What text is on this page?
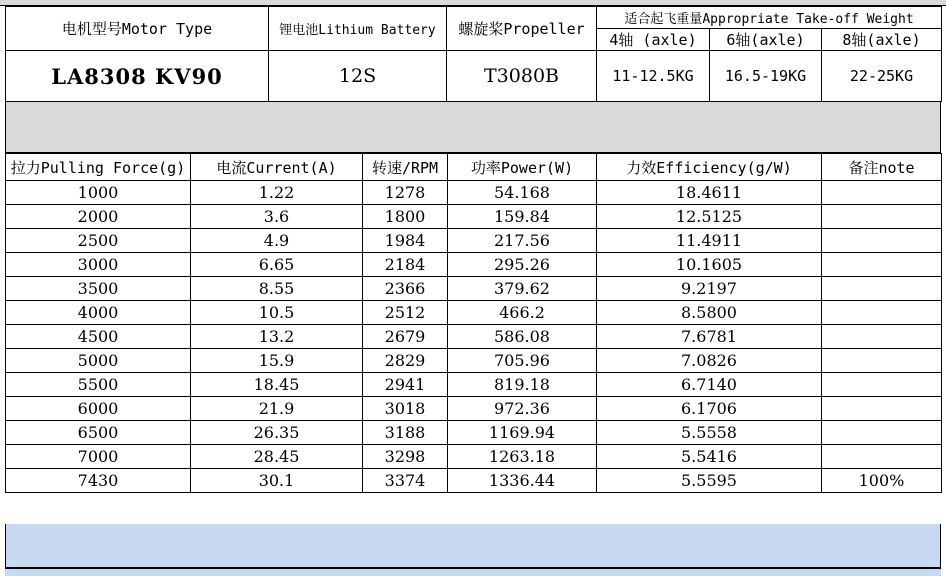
电机型号Motor Type	锂电池Lithium Battery	螺旋桨Propeller	适合起飞重量Appropriate Take-off Weight		
			4轴 (axle)	6轴(axle)	8轴(axle)
LA8308 KV90	12S	T3080B	11-12.5KG	16.5-19KG	22-25KG
拉力Pulling Force(g)	电流Current(A)	转速/RPM	功率Power(W)	力效Efficiency(g/W)	备注note
1000	1.22	1278	54.168	18.4611	
2000	3.6	1800	159.84	12.5125	
2500	4.9	1984	217.56	11.4911	
3000	6.65	2184	295.26	10.1605	
3500	8.55	2366	379.62	9.2197	
4000	10.5	2512	466.2	8.5800	
4500	13.2	2679	586.08	7.6781	
5000	15.9	2829	705.96	7.0826	
5500	18.45	2941	819.18	6.7140	
6000	21.9	3018	972.36	6.1706	
6500	26.35	3188	1169.94	5.5558	
7000	28.45	3298	1263.18	5.5416	
7430	30.1	3374	1336.44	5.5595	100%
